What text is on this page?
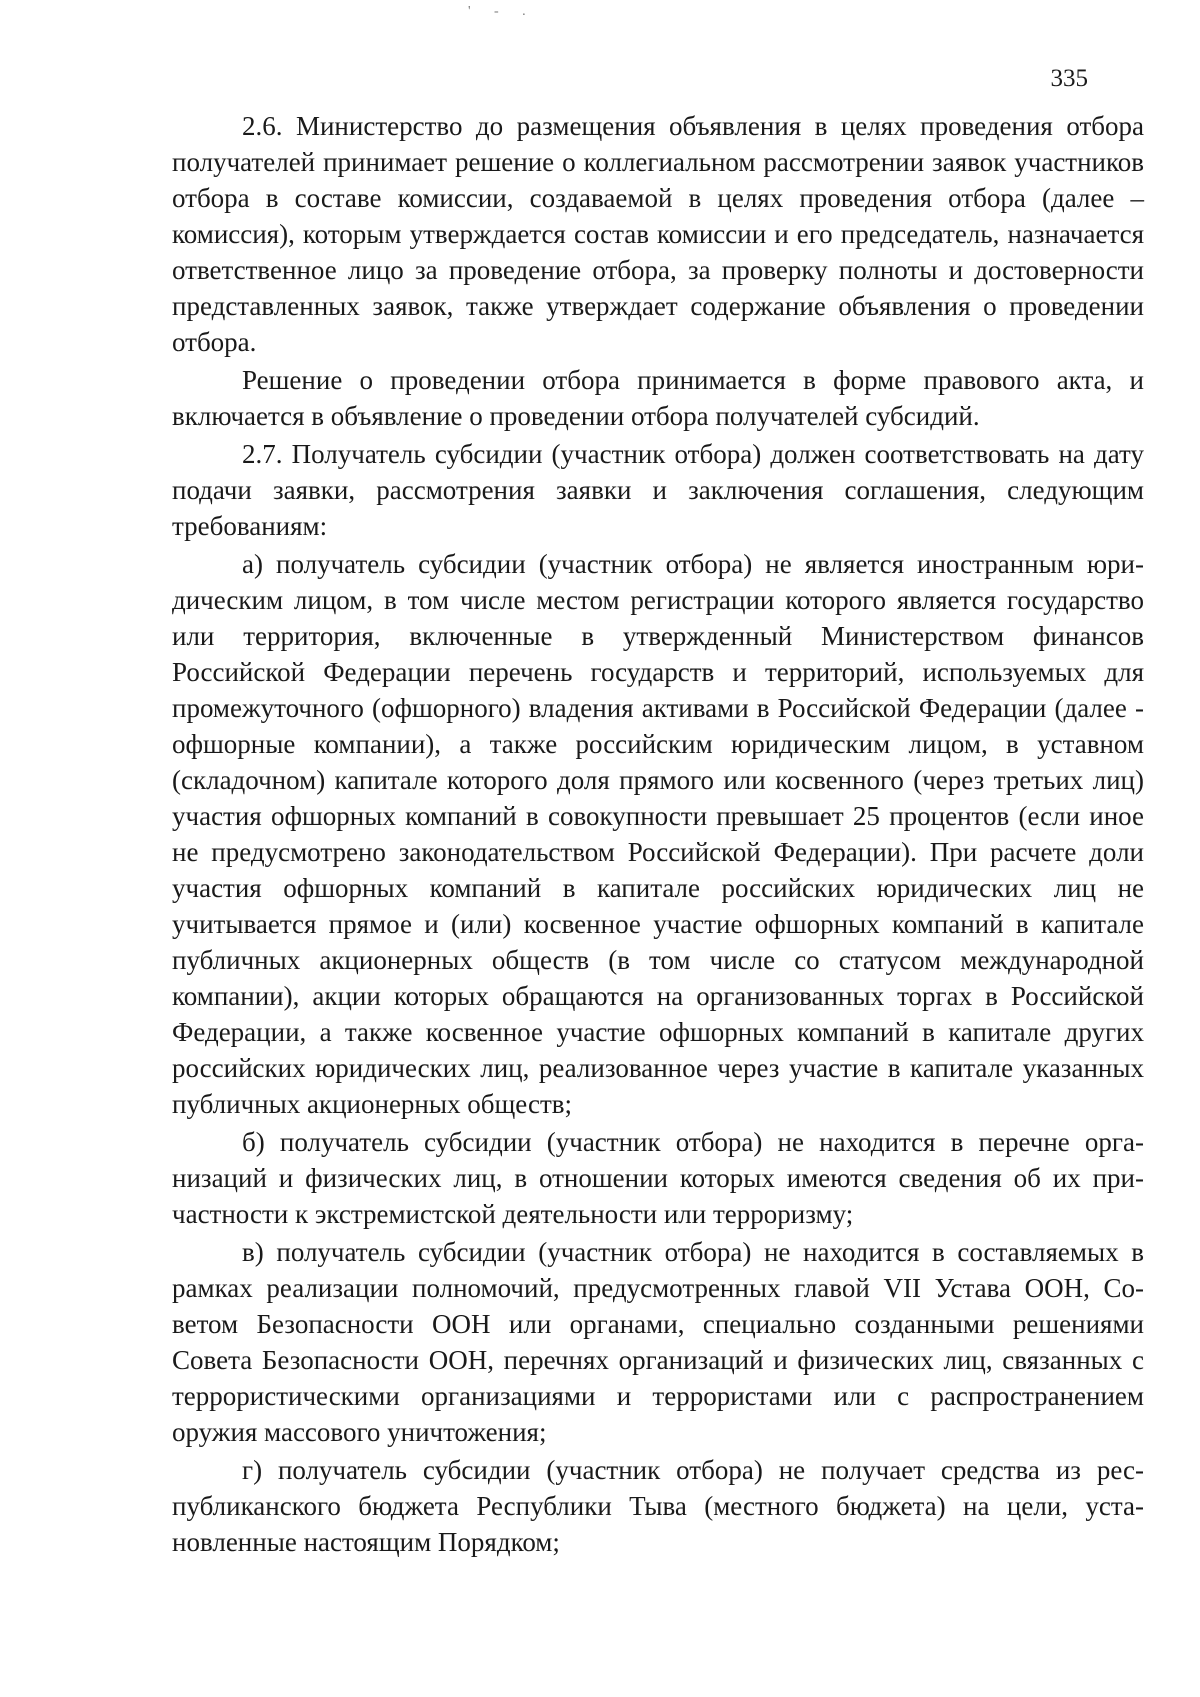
' - .
335

2.6. Министерство до размещения объявления в целях проведения отбора получателей принимает решение о коллегиальном рассмотрении заявок участников отбора в составе комиссии, создаваемой в целях проведения отбора (далее – комиссия), которым утверждается состав комиссии и его председатель, назначается ответственное лицо за проведение отбора, за проверку полноты и достоверности представленных заявок, также утверждает содержание объявления о проведении отбора.

Решение о проведении отбора принимается в форме правового акта, и включается в объявление о проведении отбора получателей субсидий.

2.7. Получатель субсидии (участник отбора) должен соответствовать на дату подачи заявки, рассмотрения заявки и заключения соглашения, следующим требованиям:

а) получатель субсидии (участник отбора) не является иностранным юридическим лицом, в том числе местом регистрации которого является государство или территория, включенные в утвержденный Министерством финансов Российской Федерации перечень государств и территорий, используемых для промежуточного (офшорного) владения активами в Российской Федерации (далее - офшорные компании), а также российским юридическим лицом, в уставном (складочном) капитале которого доля прямого или косвенного (через третьих лиц) участия офшорных компаний в совокупности превышает 25 процентов (если иное не предусмотрено законодательством Российской Федерации). При расчете доли участия офшорных компаний в капитале российских юридических лиц не учитывается прямое и (или) косвенное участие офшорных компаний в капитале публичных акционерных обществ (в том числе со статусом международной компании), акции которых обращаются на организованных торгах в Российской Федерации, а также косвенное участие офшорных компаний в капитале других российских юридических лиц, реализованное через участие в капитале указанных публичных акционерных обществ;

б) получатель субсидии (участник отбора) не находится в перечне организаций и физических лиц, в отношении которых имеются сведения об их причастности к экстремистской деятельности или терроризму;

в) получатель субсидии (участник отбора) не находится в составляемых в рамках реализации полномочий, предусмотренных главой VII Устава ООН, Советом Безопасности ООН или органами, специально созданными решениями Совета Безопасности ООН, перечнях организаций и физических лиц, связанных с террористическими организациями и террористами или с распространением оружия массового уничтожения;

г) получатель субсидии (участник отбора) не получает средства из республиканского бюджета Республики Тыва (местного бюджета) на цели, установленные настоящим Порядком;
